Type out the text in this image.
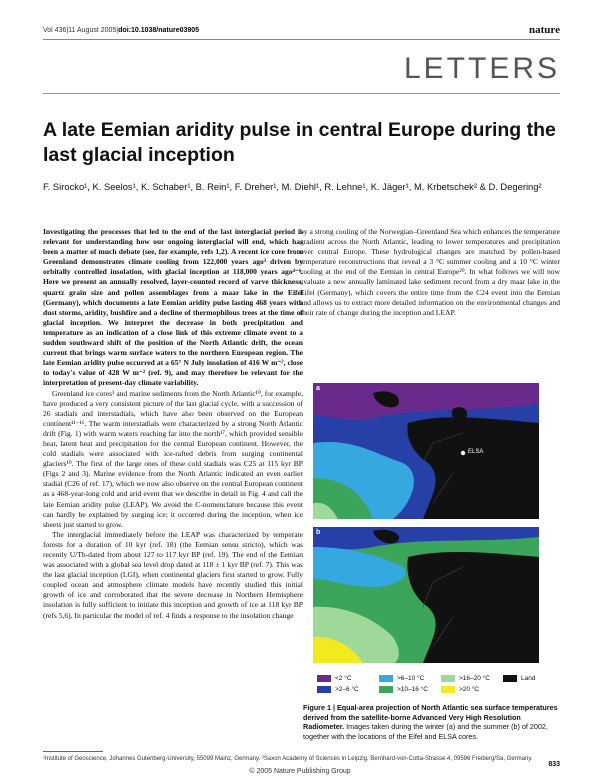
Vol 436|11 August 2005|doi:10.1038/nature03905	nature
LETTERS
A late Eemian aridity pulse in central Europe during the last glacial inception
F. Sirocko¹, K. Seelos¹, K. Schaber¹, B. Rein¹, F. Dreher¹, M. Diehl¹, R. Lehne¹, K. Jäger¹, M. Krbetschek² & D. Degering²

Investigating the processes that led to the end of the last interglacial period is relevant for understanding how our ongoing interglacial will end, which has been a matter of much debate (see, for example, refs 1,2). A recent ice core from Greenland demonstrates climate cooling from 122,000 years ago³ driven by orbitally controlled insolation, with glacial inception at 118,000 years ago⁴⁻⁶. Here we present an annually resolved, layer-counted record of varve thickness, quartz grain size and pollen assemblages from a maar lake in the Eifel (Germany), which documents a late Eemian aridity pulse lasting 468 years with dust storms, aridity, bushfire and a decline of thermophilous trees at the time of glacial inception. We interpret the decrease in both precipitation and temperature as an indication of a close link of this extreme climate event to a sudden southward shift of the position of the North Atlantic drift, the ocean current that brings warm surface waters to the northern European region. The late Eemian aridity pulse occurred at a 65° N July insolation of 416 W m⁻², close to today's value of 428 W m⁻² (ref. 9), and may therefore be relevant for the interpretation of present-day climate variability.

Greenland ice cores³ and marine sediments from the North Atlantic¹⁰, for example, have produced a very consistent picture of the last glacial cycle, with a succession of 26 stadials and interstadials, which have also been observed on the European continent¹¹⁻¹⁶. The warm interstadials were characterized by a strong North Atlantic drift (Fig. 1) with warm waters reaching far into the north¹⁷, which provided sensible heat, latent heat and precipitation for the central European continent. However, the cold stadials were associated with ice-rafted debris from surging continental glaciers¹⁰. The first of the large ones of these cold stadials was C25 at 115 kyr BP (Figs 2 and 3). Marine evidence from the North Atlantic indicated an even earlier stadial (C26 of ref. 17), which we now also observe on the central European continent as a 468-year-long cold and arid event that we describe in detail in Fig. 4 and call the late Eemian aridity pulse (LEAP). We avoid the C-nomenclature because this event can hardly be explained by surging ice; it occurred during the inception, when ice sheets just started to grow.

The interglacial immediately before the LEAP was characterized by temperate forests for a duration of 10 kyr (ref. 18) (the Eemian sensu stricto), which was recently U/Th-dated from about 127 to 117 kyr BP (ref. 19). The end of the Eemian was associated with a global sea level drop dated at 118 ± 1 kyr BP (ref. 7). This was the last glacial inception (LGI), when continental glaciers first started to grow. Fully coupled ocean and atmosphere climate models have recently studied this initial growth of ice and corroborated that the severe decrease in Northern Hemisphere insolation is fully sufficient to initiate this inception and growth of ice at 118 kyr BP (refs 5,6). In particular the model of ref. 4 finds a response to the insolation change

by a strong cooling of the Norwegian–Greenland Sea which enhances the temperature gradient across the North Atlantic, leading to lower temperatures and precipitation over central Europe. These hydrological changes are matched by pollen-based temperature reconstructions that reveal a 3 °C summer cooling and a 10 °C winter cooling at the end of the Eemian in central Europe²⁰. In what follows we will now evaluate a new annually laminated lake sediment record from a dry maar lake in the Eifel (Germany), which covers the entire time from the C24 event into the Eemian and allows us to extract more detailed information on the environmental changes and their rate of change during the inception and LEAP.

a
ELSA
b
<2 °C	>6–10 °C	>16–20 °C	Land
>2–6 °C	>10–16 °C	>20 °C
Figure 1 | Equal-area projection of North Atlantic sea surface temperatures derived from the satellite-borne Advanced Very High Resolution Radiometer. Images taken during the winter (a) and the summer (b) of 2002, together with the locations of the Eifel and ELSA cores.
¹Institute of Geoscience, Johannes Gutenberg-University, 55099 Mainz, Germany. ²Saxon Academy of Sciences in Leipzig, Bernhard-von-Cotta-Strasse 4, 09596 Freiberg/Sa, Germany.
833
© 2005 Nature Publishing Group
